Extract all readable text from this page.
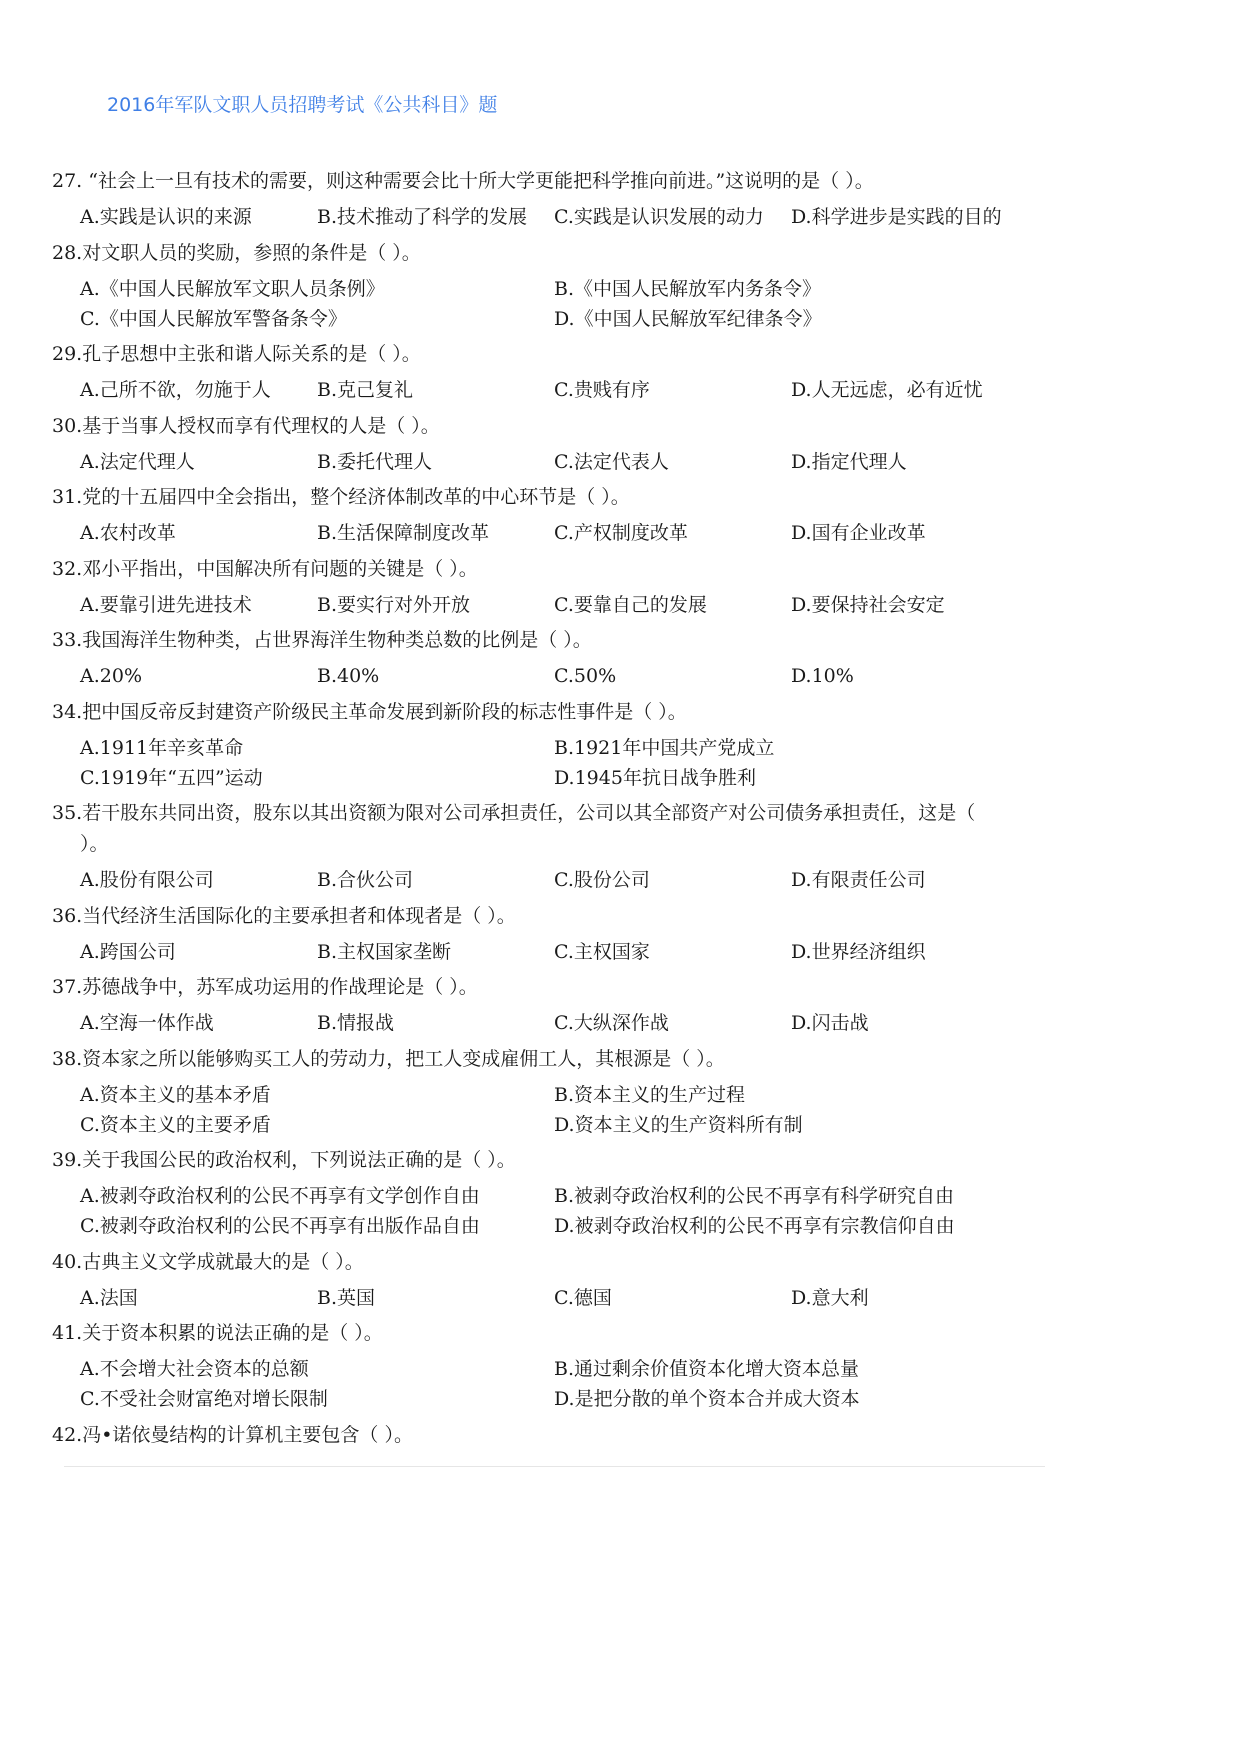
2016年军队文职人员招聘考试《公共科目》题
27. “社会上一旦有技术的需要，则这种需要会比十所大学更能把科学推向前进。”这说明的是（ ）。
A.实践是认识的来源	B.技术推动了科学的发展 C.实践是认识发展的动力 D.科学进步是实践的目的
28.对文职人员的奖励，参照的条件是（ ）。
A.《中国人民解放军文职人员条例》	B.《中国人民解放军内务条令》
C.《中国人民解放军警备条令》	D.《中国人民解放军纪律条令》
29.孔子思想中主张和谐人际关系的是（ ）。
A.己所不欲，勿施于人 B.克己复礼	C.贵贱有序	D.人无远虑，必有近忧
30.基于当事人授权而享有代理权的人是（ ）。
A.法定代理人	B.委托代理人	C.法定代表人	D.指定代理人
31.党的十五届四中全会指出，整个经济体制改革的中心环节是（ ）。
A.农村改革	B.生活保障制度改革	C.产权制度改革	D.国有企业改革
32.邓小平指出，中国解决所有问题的关键是（ ）。
A.要靠引进先进技术	B.要实行对外开放	C.要靠自己的发展	D.要保持社会安定
33.我国海洋生物种类，占世界海洋生物种类总数的比例是（ ）。
A.20%	B.40%	C.50%	D.10%
34.把中国反帝反封建资产阶级民主革命发展到新阶段的标志性事件是（ ）。
A.1911年辛亥革命	B.1921年中国共产党成立
C.1919年“五四”运动	D.1945年抗日战争胜利
35.若干股东共同出资，股东以其出资额为限对公司承担责任，公司以其全部资产对公司债务承担责任，这是（
）。
A.股份有限公司	B.合伙公司	C.股份公司	D.有限责任公司
36.当代经济生活国际化的主要承担者和体现者是（ ）。
A.跨国公司	B.主权国家垄断	C.主权国家	D.世界经济组织
37.苏德战争中，苏军成功运用的作战理论是（ ）。
A.空海一体作战	B.情报战	C.大纵深作战	D.闪击战
38.资本家之所以能够购买工人的劳动力，把工人变成雇佣工人，其根源是（ ）。
A.资本主义的基本矛盾	B.资本主义的生产过程
C.资本主义的主要矛盾	D.资本主义的生产资料所有制
39.关于我国公民的政治权利，下列说法正确的是（ ）。
A.被剥夺政治权利的公民不再享有文学创作自由	B.被剥夺政治权利的公民不再享有科学研究自由
C.被剥夺政治权利的公民不再享有出版作品自由	D.被剥夺政治权利的公民不再享有宗教信仰自由
40.古典主义文学成就最大的是（ ）。
A.法国	B.英国	C.德国	D.意大利
41.关于资本积累的说法正确的是（ ）。
A.不会增大社会资本的总额	B.通过剩余价值资本化增大资本总量
C.不受社会财富绝对增长限制	D.是把分散的单个资本合并成大资本
42.冯•诺依曼结构的计算机主要包含（ ）。
